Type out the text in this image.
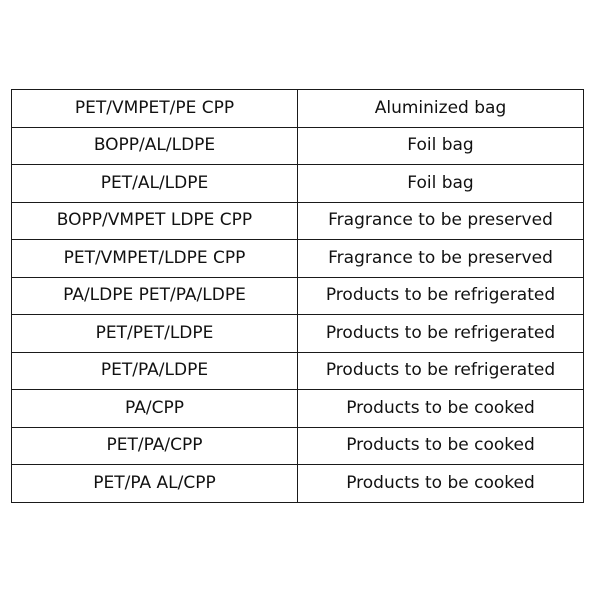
PET/VMPET/PE CPP	Aluminized bag
BOPP/AL/LDPE	Foil bag
PET/AL/LDPE	Foil bag
BOPP/VMPET LDPE CPP	Fragrance to be preserved
PET/VMPET/LDPE CPP	Fragrance to be preserved
PA/LDPE PET/PA/LDPE	Products to be refrigerated
PET/PET/LDPE	Products to be refrigerated
PET/PA/LDPE	Products to be refrigerated
PA/CPP	Products to be cooked
PET/PA/CPP	Products to be cooked
PET/PA AL/CPP	Products to be cooked
